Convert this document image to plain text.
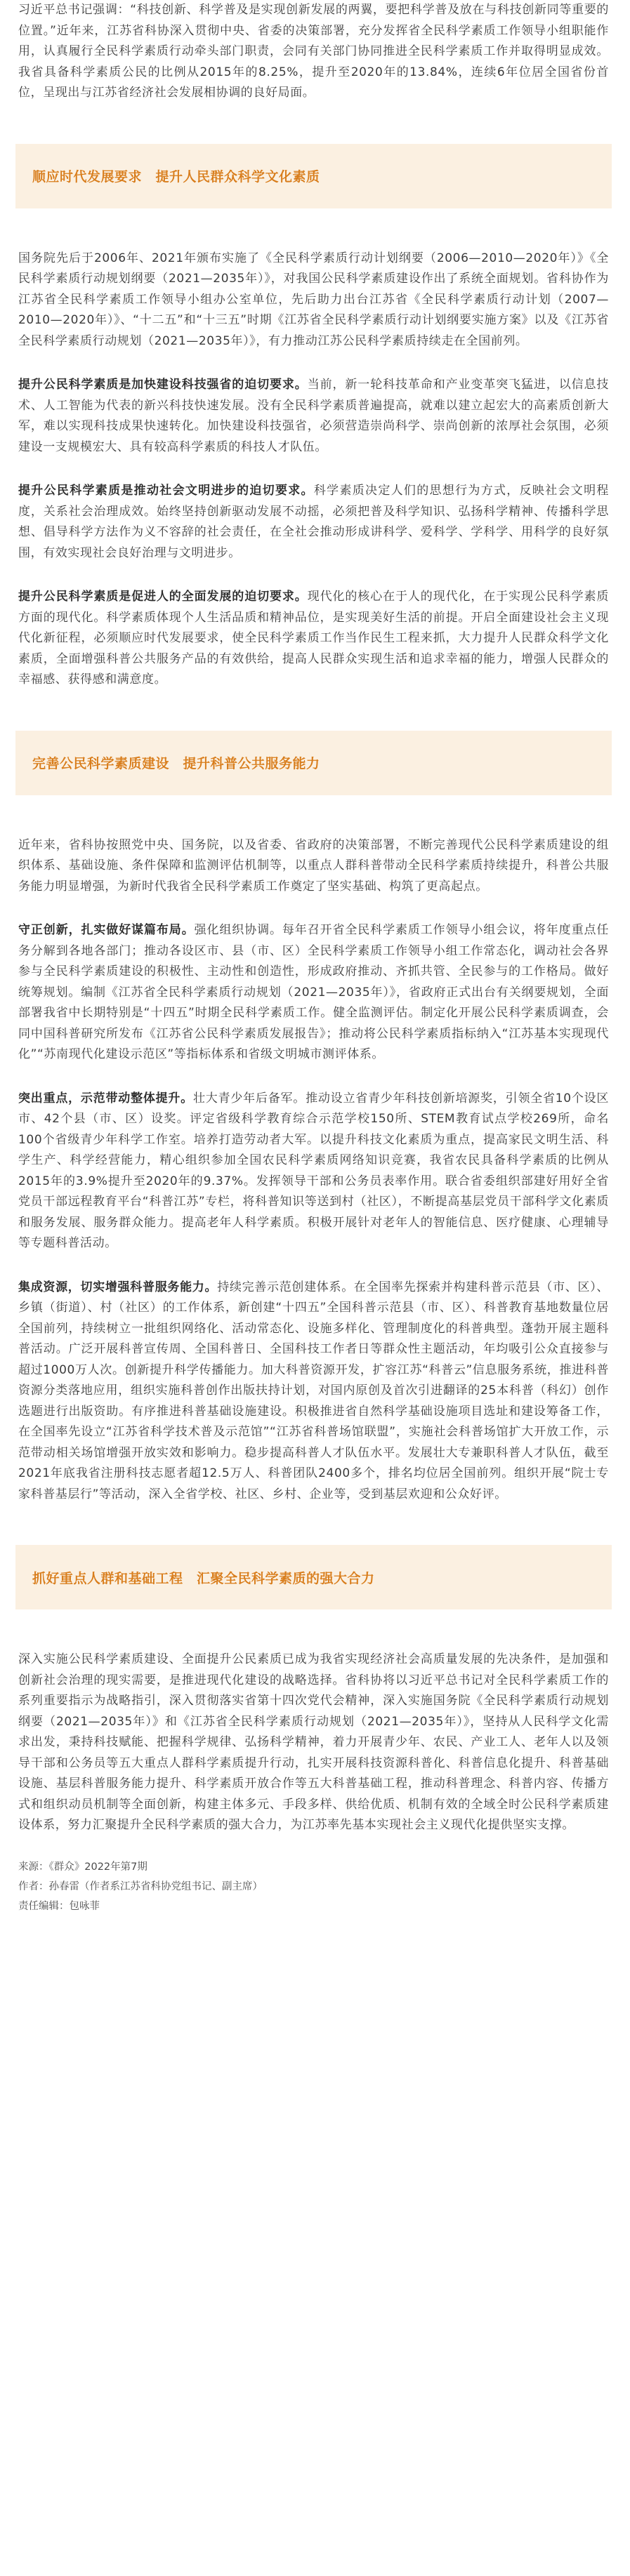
习近平总书记强调：“科技创新、科学普及是实现创新发展的两翼，要把科学普及放在与科技创新同等重要的位置。”近年来，江苏省科协深入贯彻中央、省委的决策部署，充分发挥省全民科学素质工作领导小组职能作用，认真履行全民科学素质行动牵头部门职责，会同有关部门协同推进全民科学素质工作并取得明显成效。我省具备科学素质公民的比例从2015年的8.25%，提升至2020年的13.84%，连续6年位居全国省份首位，呈现出与江苏省经济社会发展相协调的良好局面。

顺应时代发展要求　提升人民群众科学文化素质

国务院先后于2006年、2021年颁布实施了《全民科学素质行动计划纲要（2006—2010—2020年）》《全民科学素质行动规划纲要（2021—2035年）》，对我国公民科学素质建设作出了系统全面规划。省科协作为江苏省全民科学素质工作领导小组办公室单位，先后助力出台江苏省《全民科学素质行动计划（2007—2010—2020年）》、“十二五”和“十三五”时期《江苏省全民科学素质行动计划纲要实施方案》以及《江苏省全民科学素质行动规划（2021—2035年）》，有力推动江苏公民科学素质持续走在全国前列。

提升公民科学素质是加快建设科技强省的迫切要求。当前，新一轮科技革命和产业变革突飞猛进，以信息技术、人工智能为代表的新兴科技快速发展。没有全民科学素质普遍提高，就难以建立起宏大的高素质创新大军，难以实现科技成果快速转化。加快建设科技强省，必须营造崇尚科学、崇尚创新的浓厚社会氛围，必须建设一支规模宏大、具有较高科学素质的科技人才队伍。

提升公民科学素质是推动社会文明进步的迫切要求。科学素质决定人们的思想行为方式，反映社会文明程度，关系社会治理成效。始终坚持创新驱动发展不动摇，必须把普及科学知识、弘扬科学精神、传播科学思想、倡导科学方法作为义不容辞的社会责任，在全社会推动形成讲科学、爱科学、学科学、用科学的良好氛围，有效实现社会良好治理与文明进步。

提升公民科学素质是促进人的全面发展的迫切要求。现代化的核心在于人的现代化，在于实现公民科学素质方面的现代化。科学素质体现个人生活品质和精神品位，是实现美好生活的前提。开启全面建设社会主义现代化新征程，必须顺应时代发展要求，使全民科学素质工作当作民生工程来抓，大力提升人民群众科学文化素质，全面增强科普公共服务产品的有效供给，提高人民群众实现生活和追求幸福的能力，增强人民群众的幸福感、获得感和满意度。

完善公民科学素质建设　提升科普公共服务能力

近年来，省科协按照党中央、国务院，以及省委、省政府的决策部署，不断完善现代公民科学素质建设的组织体系、基础设施、条件保障和监测评估机制等，以重点人群科普带动全民科学素质持续提升，科普公共服务能力明显增强，为新时代我省全民科学素质工作奠定了坚实基础、构筑了更高起点。

守正创新，扎实做好谋篇布局。强化组织协调。每年召开省全民科学素质工作领导小组会议，将年度重点任务分解到各地各部门；推动各设区市、县（市、区）全民科学素质工作领导小组工作常态化，调动社会各界参与全民科学素质建设的积极性、主动性和创造性，形成政府推动、齐抓共管、全民参与的工作格局。做好统筹规划。编制《江苏省全民科学素质行动规划（2021—2035年）》，省政府正式出台有关纲要规划，全面部署我省中长期特别是“十四五”时期全民科学素质工作。健全监测评估。制定化开展公民科学素质调查，会同中国科普研究所发布《江苏省公民科学素质发展报告》；推动将公民科学素质指标纳入“江苏基本实现现代化”“苏南现代化建设示范区”等指标体系和省级文明城市测评体系。

突出重点，示范带动整体提升。壮大青少年后备军。推动设立省青少年科技创新培源奖，引领全省10个设区市、42个县（市、区）设奖。评定省级科学教育综合示范学校150所、STEM教育试点学校269所，命名100个省级青少年科学工作室。培养打造劳动者大军。以提升科技文化素质为重点，提高家民文明生活、科学生产、科学经营能力，精心组织参加全国农民科学素质网络知识竞赛，我省农民具备科学素质的比例从2015年的3.9%提升至2020年的9.37%。发挥领导干部和公务员表率作用。联合省委组织部建好用好全省党员干部远程教育平台“科普江苏”专栏，将科普知识等送到村（社区），不断提高基层党员干部科学文化素质和服务发展、服务群众能力。提高老年人科学素质。积极开展针对老年人的智能信息、医疗健康、心理辅导等专题科普活动。

集成资源，切实增强科普服务能力。持续完善示范创建体系。在全国率先探索并构建科普示范县（市、区）、乡镇（街道）、村（社区）的工作体系，新创建“十四五”全国科普示范县（市、区）、科普教育基地数量位居全国前列，持续树立一批组织网络化、活动常态化、设施多样化、管理制度化的科普典型。蓬勃开展主题科普活动。广泛开展科普宣传周、全国科普日、全国科技工作者日等群众性主题活动，年均吸引公众直接参与超过1000万人次。创新提升科学传播能力。加大科普资源开发，扩容江苏“科普云”信息服务系统，推进科普资源分类落地应用，组织实施科普创作出版扶持计划，对国内原创及首次引进翻译的25本科普（科幻）创作选题进行出版资助。有序推进科普基础设施建设。积极推进省自然科学基础设施项目选址和建设筹备工作，在全国率先设立“江苏省科学技术普及示范馆”“江苏省科普场馆联盟”，实施社会科普场馆扩大开放工作，示范带动相关场馆增强开放实效和影响力。稳步提高科普人才队伍水平。发展壮大专兼职科普人才队伍，截至2021年底我省注册科技志愿者超12.5万人、科普团队2400多个，排名均位居全国前列。组织开展“院士专家科普基层行”等活动，深入全省学校、社区、乡村、企业等，受到基层欢迎和公众好评。

抓好重点人群和基础工程　汇聚全民科学素质的强大合力

深入实施公民科学素质建设、全面提升公民素质已成为我省实现经济社会高质量发展的先决条件，是加强和创新社会治理的现实需要，是推进现代化建设的战略选择。省科协将以习近平总书记对全民科学素质工作的系列重要指示为战略指引，深入贯彻落实省第十四次党代会精神，深入实施国务院《全民科学素质行动规划纲要（2021—2035年）》和《江苏省全民科学素质行动规划（2021—2035年）》，坚持从人民科学文化需求出发，秉持科技赋能、把握科学规律、弘扬科学精神，着力开展青少年、农民、产业工人、老年人以及领导干部和公务员等五大重点人群科学素质提升行动，扎实开展科技资源科普化、科普信息化提升、科普基础设施、基层科普服务能力提升、科学素质开放合作等五大科普基础工程，推动科普理念、科普内容、传播方式和组织动员机制等全面创新，构建主体多元、手段多样、供给优质、机制有效的全域全时公民科学素质建设体系，努力汇聚提升全民科学素质的强大合力，为江苏率先基本实现社会主义现代化提供坚实支撑。

来源：《群众》2022年第7期

作者：孙春雷（作者系江苏省科协党组书记、副主席）

责任编辑：包咏菲
